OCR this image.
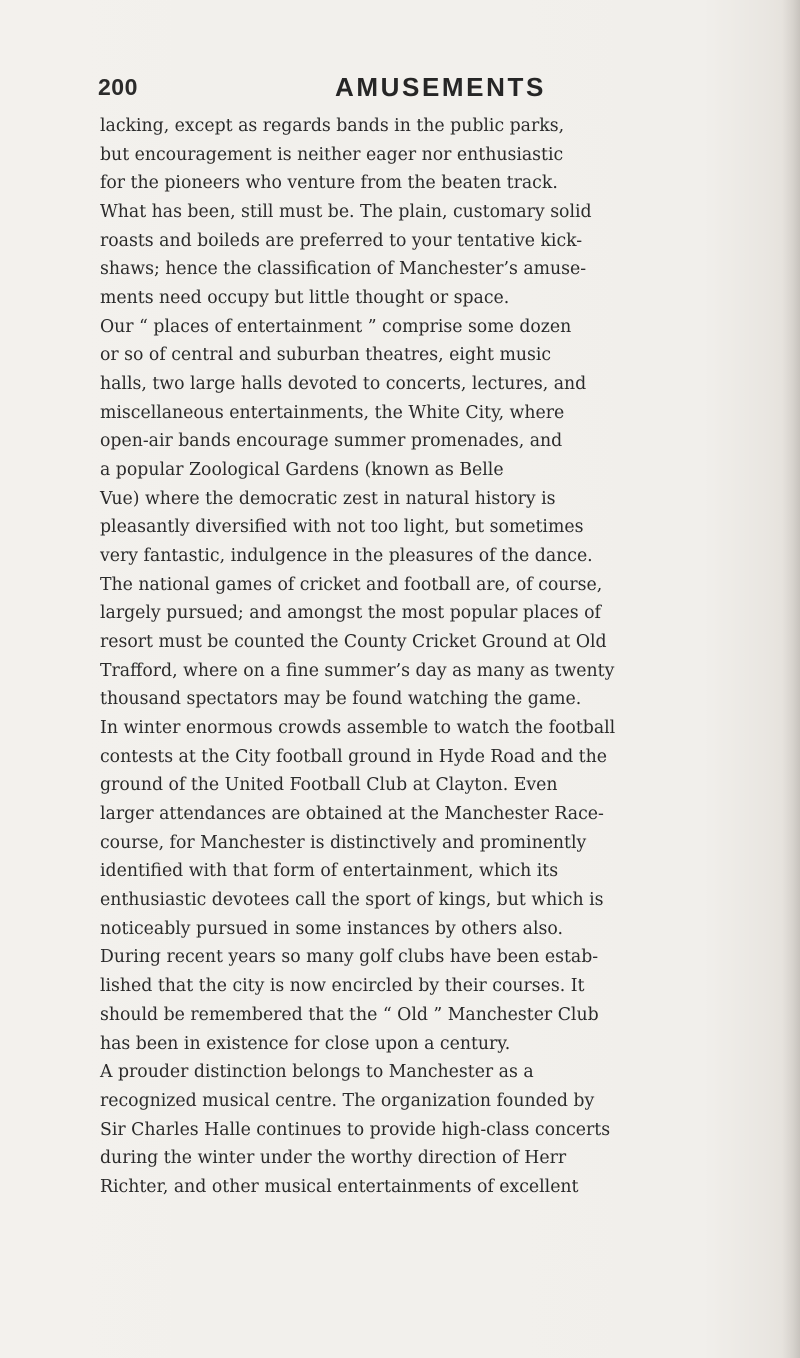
200	AMUSEMENTS
lacking, except as regards bands in the public parks,
but encouragement is neither eager nor enthusiastic
for the pioneers who venture from the beaten track.
What has been, still must be. The plain, customary solid
roasts and boileds are preferred to your tentative kick-
shaws; hence the classification of Manchester’s amuse-
ments need occupy but little thought or space.
Our “ places of entertainment ” comprise some dozen
or so of central and suburban theatres, eight music
halls, two large halls devoted to concerts, lectures, and
miscellaneous entertainments, the White City, where
open-air bands encourage summer promenades, and
a popular Zoological Gardens (known as Belle
Vue) where the democratic zest in natural history is
pleasantly diversified with not too light, but sometimes
very fantastic, indulgence in the pleasures of the dance.
The national games of cricket and football are, of course,
largely pursued; and amongst the most popular places of
resort must be counted the County Cricket Ground at Old
Trafford, where on a fine summer’s day as many as twenty
thousand spectators may be found watching the game.
In winter enormous crowds assemble to watch the football
contests at the City football ground in Hyde Road and the
ground of the United Football Club at Clayton. Even
larger attendances are obtained at the Manchester Race-
course, for Manchester is distinctively and prominently
identified with that form of entertainment, which its
enthusiastic devotees call the sport of kings, but which is
noticeably pursued in some instances by others also.
During recent years so many golf clubs have been estab-
lished that the city is now encircled by their courses. It
should be remembered that the “ Old ” Manchester Club
has been in existence for close upon a century.
A prouder distinction belongs to Manchester as a
recognized musical centre. The organization founded by
Sir Charles Halle continues to provide high-class concerts
during the winter under the worthy direction of Herr
Richter, and other musical entertainments of excellent
